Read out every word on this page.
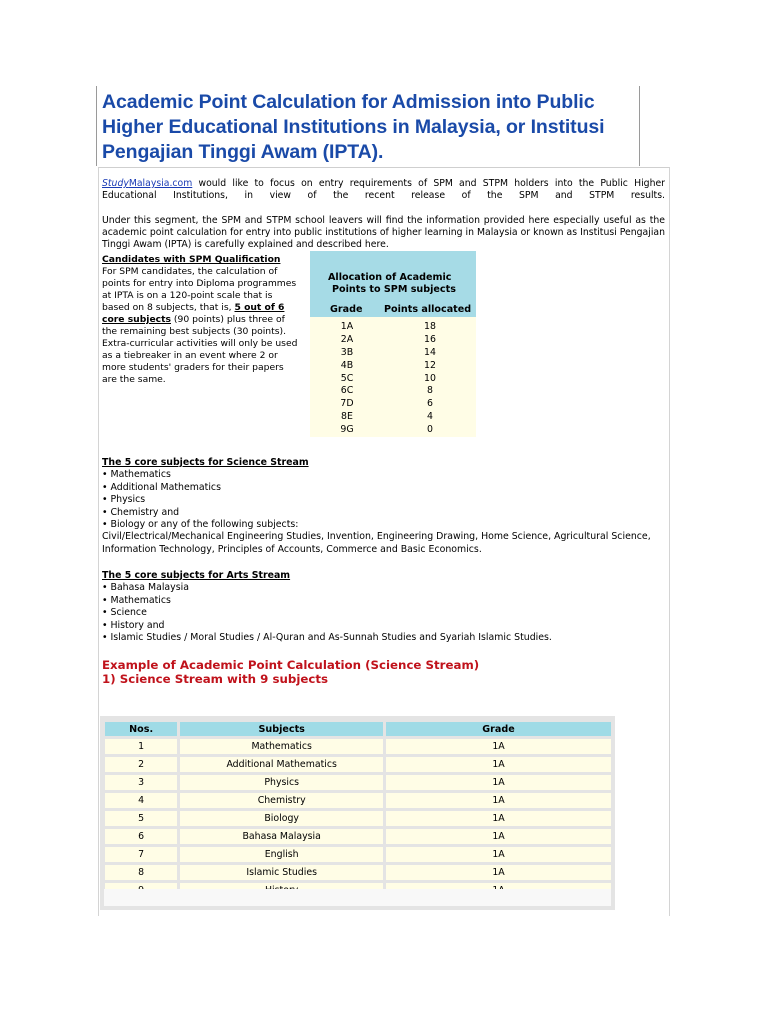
Academic Point Calculation for Admission into Public Higher Educational Institutions in Malaysia, or Institusi Pengajian Tinggi Awam (IPTA).

StudyMalaysia.com would like to focus on entry requirements of SPM and STPM holders into the Public Higher Educational Institutions, in view of the recent release of the SPM and STPM results.

Under this segment, the SPM and STPM school leavers will find the information provided here especially useful as the academic point calculation for entry into public institutions of higher learning in Malaysia or known as Institusi Pengajian Tinggi Awam (IPTA) is carefully explained and described here.

Candidates with SPM Qualification
For SPM candidates, the calculation of points for entry into Diploma programmes at IPTA is on a 120-point scale that is based on 8 subjects, that is, 5 out of 6 core subjects (90 points) plus three of the remaining best subjects (30 points). Extra-curricular activities will only be used as a tiebreaker in an event where 2 or more students' graders for their papers are the same.
Allocation of Academic
Points to SPM subjects
Grade Points allocated
1A	18
2A	16
3B	14
4B	12
5C	10
6C	8
7D	6
8E	4
9G	0
The 5 core subjects for Science Stream
• Mathematics
• Additional Mathematics
• Physics
• Chemistry and
• Biology or any of the following subjects:
Civil/Electrical/Mechanical Engineering Studies, Invention, Engineering Drawing, Home Science, Agricultural Science, Information Technology, Principles of Accounts, Commerce and Basic Economics.
The 5 core subjects for Arts Stream
• Bahasa Malaysia
• Mathematics
• Science
• History and
• Islamic Studies / Moral Studies / Al-Quran and As-Sunnah Studies and Syariah Islamic Studies.
Example of Academic Point Calculation (Science Stream)
1) Science Stream with 9 subjects
Nos.	Subjects	Grade
1	Mathematics	1A
2	Additional Mathematics	1A
3	Physics	1A
4	Chemistry	1A
5	Biology	1A
6	Bahasa Malaysia	1A
7	English	1A
8	Islamic Studies	1A
